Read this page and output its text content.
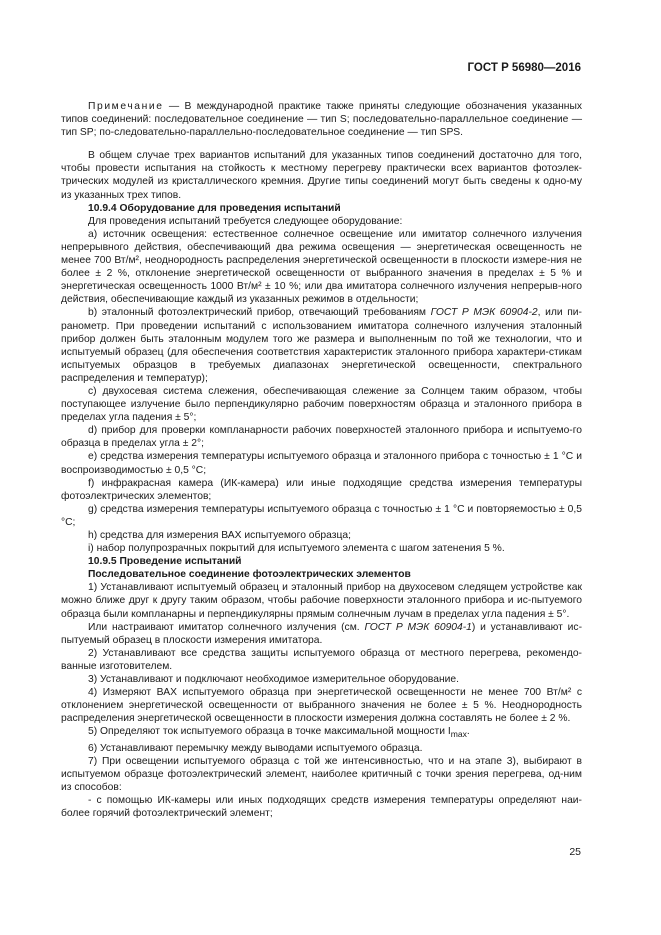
ГОСТ Р 56980—2016

Примечание — В международной практике также приняты следующие обозначения указанных типов соединений: последовательное соединение — тип S; последовательно-параллельное соединение — тип SP; по-следовательно-параллельно-последовательное соединение — тип SPS.

В общем случае трех вариантов испытаний для указанных типов соединений достаточно для того, чтобы провести испытания на стойкость к местному перегреву практически всех вариантов фотоэлек-трических модулей из кристаллического кремния. Другие типы соединений могут быть сведены к одно-му из указанных трех типов.

10.9.4 Оборудование для проведения испытаний

Для проведения испытаний требуется следующее оборудование:

а) источник освещения: естественное солнечное освещение или имитатор солнечного излучения непрерывного действия, обеспечивающий два режима освещения — энергетическая освещенность не менее 700 Вт/м², неоднородность распределения энергетической освещенности в плоскости измере-ния не более ± 2 %, отклонение энергетической освещенности от выбранного значения в пределах ± 5 % и энергетическая освещенность 1000 Вт/м² ± 10 %; или два имитатора солнечного излучения непрерыв-ного действия, обеспечивающие каждый из указанных режимов в отдельности;

b) эталонный фотоэлектрический прибор, отвечающий требованиям ГОСТ Р МЭК 60904-2, или пи-ранометр. При проведении испытаний с использованием имитатора солнечного излучения эталонный прибор должен быть эталонным модулем того же размера и выполненным по той же технологии, что и испытуемый образец (для обеспечения соответствия характеристик эталонного прибора характери-стикам испытуемых образцов в требуемых диапазонах энергетической освещенности, спектрального распределения и температур);

с) двухосевая система слежения, обеспечивающая слежение за Солнцем таким образом, чтобы поступающее излучение было перпендикулярно рабочим поверхностям образца и эталонного прибора в пределах угла падения ± 5°;

d) прибор для проверки компланарности рабочих поверхностей эталонного прибора и испытуемо-го образца в пределах угла ± 2°;

е) средства измерения температуры испытуемого образца и эталонного прибора с точностью ± 1 °С и воспроизводимостью ± 0,5 °С;

f) инфракрасная камера (ИК-камера) или иные подходящие средства измерения температуры фотоэлектрических элементов;

g) средства измерения температуры испытуемого образца с точностью ± 1 °С и повторяемостью ± 0,5 °С;

h) средства для измерения ВАХ испытуемого образца;

i) набор полупрозрачных покрытий для испытуемого элемента с шагом затенения 5 %.

10.9.5 Проведение испытаний

Последовательное соединение фотоэлектрических элементов

1) Устанавливают испытуемый образец и эталонный прибор на двухосевом следящем устройстве как можно ближе друг к другу таким образом, чтобы рабочие поверхности эталонного прибора и ис-пытуемого образца были компланарны и перпендикулярны прямым солнечным лучам в пределах угла падения ± 5°.

Или настраивают имитатор солнечного излучения (см. ГОСТ Р МЭК 60904-1) и устанавливают ис-пытуемый образец в плоскости измерения имитатора.

2) Устанавливают все средства защиты испытуемого образца от местного перегрева, рекомендо-ванные изготовителем.

3) Устанавливают и подключают необходимое измерительное оборудование.

4) Измеряют ВАХ испытуемого образца при энергетической освещенности не менее 700 Вт/м² с отклонением энергетической освещенности от выбранного значения не более ± 5 %. Неоднородность распределения энергетической освещенности в плоскости измерения должна составлять не более ± 2 %.

5) Определяют ток испытуемого образца в точке максимальной мощности $I_{max}$.

6) Устанавливают перемычку между выводами испытуемого образца.

7) При освещении испытуемого образца с той же интенсивностью, что и на этапе 3), выбирают в испытуемом образце фотоэлектрический элемент, наиболее критичный с точки зрения перегрева, од-ним из способов:

- с помощью ИК-камеры или иных подходящих средств измерения температуры определяют наи-более горячий фотоэлектрический элемент;

25
